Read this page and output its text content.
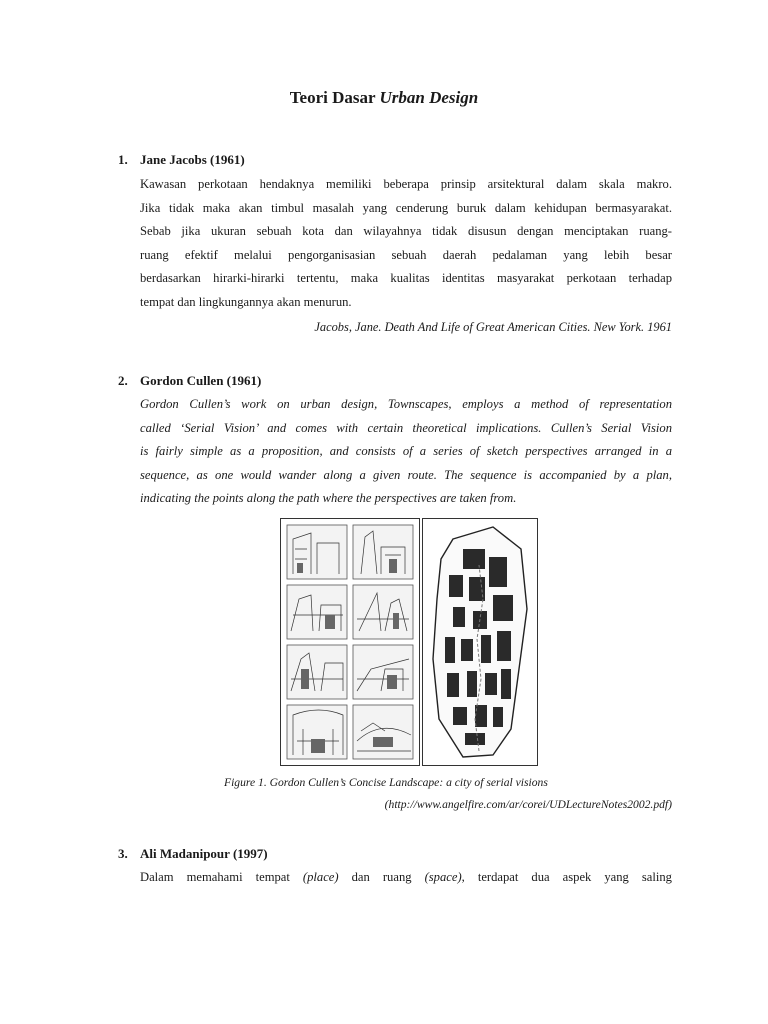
Teori Dasar Urban Design
1. Jane Jacobs (1961)
Kawasan perkotaan hendaknya memiliki beberapa prinsip arsitektural dalam skala makro.
Jika tidak maka akan timbul masalah yang cenderung buruk dalam kehidupan bermasyarakat.
Sebab jika ukuran sebuah kota dan wilayahnya tidak disusun dengan menciptakan ruang-
ruang efektif melalui pengorganisasian sebuah daerah pedalaman yang lebih besar
berdasarkan hirarki-hirarki tertentu, maka kualitas identitas masyarakat perkotaan terhadap
tempat dan lingkungannya akan menurun.
Jacobs, Jane. Death And Life of Great American Cities. New York. 1961
2. Gordon Cullen (1961)
Gordon Cullen’s work on urban design, Townscapes, employs a method of representation
called ‘Serial Vision’ and comes with certain theoretical implications. Cullen’s Serial Vision
is fairly simple as a proposition, and consists of a series of sketch perspectives arranged in a
sequence, as one would wander along a given route. The sequence is accompanied by a plan,
indicating the points along the path where the perspectives are taken from.
Figure 1. Gordon Cullen’s Concise Landscape: a city of serial visions
(http://www.angelfire.com/ar/corei/UDLectureNotes2002.pdf)
3. Ali Madanipour (1997)
Dalam memahami tempat (place) dan ruang (space), terdapat dua aspek yang saling
